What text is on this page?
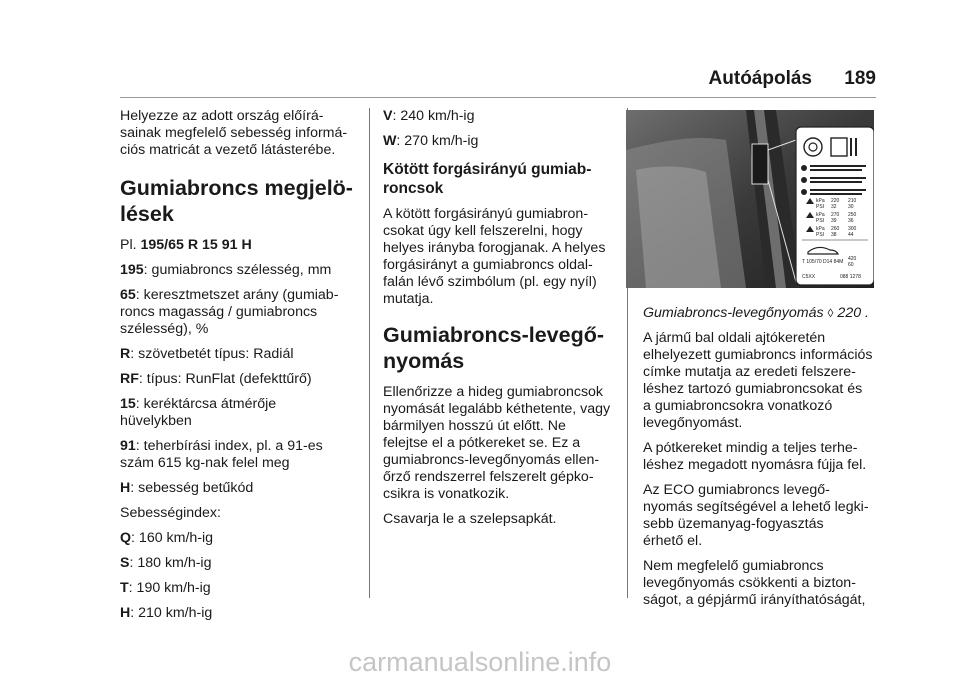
Autóápolás 189

Helyezze az adott ország előírá-
sainak megfelelő sebesség informá-
ciós matricát a vezető látásterébe.

Gumiabroncs megjelö-
lések

Pl. 195/65 R 15 91 H

195: gumiabroncs szélesség, mm

65: keresztmetszet arány (gumiab-
roncs magasság / gumiabroncs
szélesség), %

R: szövetbetét típus: Radiál

RF: típus: RunFlat (defekttűrő)

15: keréktárcsa átmérője
hüvelykben

91: teherbírási index, pl. a 91-es
szám 615 kg-nak felel meg

H: sebesség betűkód

Sebességindex:

Q: 160 km/h-ig

S: 180 km/h-ig

T: 190 km/h-ig

H: 210 km/h-ig

V: 240 km/h-ig

W: 270 km/h-ig

Kötött forgásirányú gumiab-
roncsok

A kötött forgásirányú gumiabron-
csokat úgy kell felszerelni, hogy
helyes irányba forogjanak. A helyes
forgásirányt a gumiabroncs oldal-
falán lévő szimbólum (pl. egy nyíl)
mutatja.

Gumiabroncs-levegő-
nyomás

Ellenőrizze a hideg gumiabroncsok
nyomását legalább kéthetente, vagy
bármilyen hosszú út előtt. Ne
felejtse el a pótkereket se. Ez a
gumiabroncs-levegőnyomás ellen-
őrző rendszerrel felszerelt gépko-
csikra is vonatkozik.

Csavarja le a szelepsapkát.

kPa 220 210
PSI 32 30
kPa 270 250
PSI 39 36
kPa 260 300
PSI 38 44
420
60
T 105/70 D14 84M
C5XX	088 1278

Gumiabroncs-levegőnyomás ◊ 220 .

A jármű bal oldali ajtókeretén
elhelyezett gumiabroncs információs
címke mutatja az eredeti felszere-
léshez tartozó gumiabroncsokat és
a gumiabroncsokra vonatkozó
levegőnyomást.

A pótkereket mindig a teljes terhe-
léshez megadott nyomásra fújja fel.

Az ECO gumiabroncs levegő-
nyomás segítségével a lehető legki-
sebb üzemanyag-fogyasztás
érhető el.

Nem megfelelő gumiabroncs
levegőnyomás csökkenti a bizton-
ságot, a gépjármű irányíthatóságát,

carmanualsonline.info
